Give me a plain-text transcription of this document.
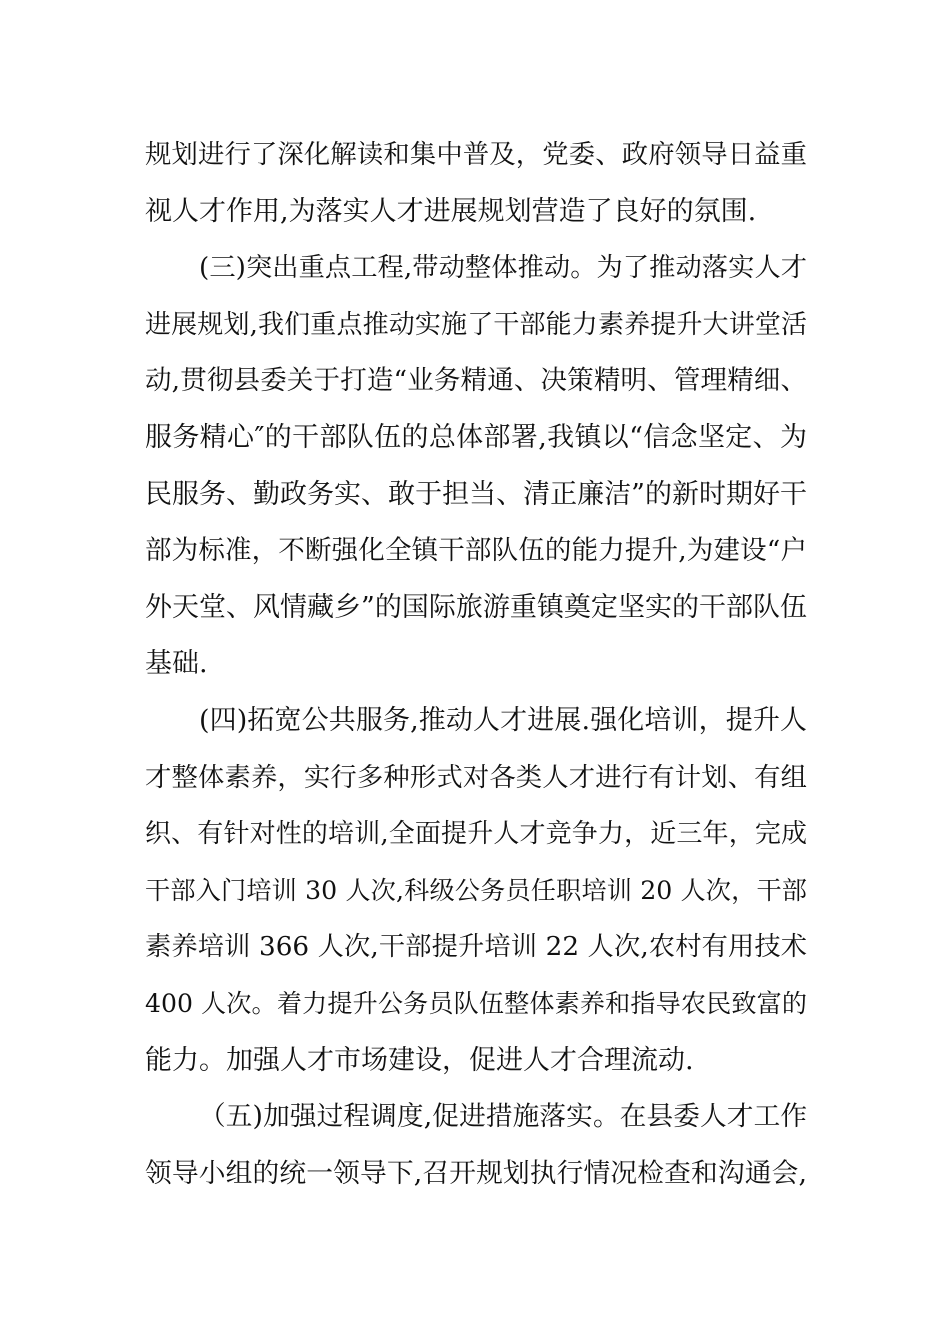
规划进行了深化解读和集中普及，党委、政府领导日益重
视人才作用,为落实人才进展规划营造了良好的氛围.
(三)突出重点工程,带动整体推动。为了推动落实人才
进展规划,我们重点推动实施了干部能力素养提升大讲堂活
动,贯彻县委关于打造“业务精通、决策精明、管理精细、
服务精心″的干部队伍的总体部署,我镇以“信念坚定、为
民服务、勤政务实、敢于担当、清正廉洁”的新时期好干
部为标准，不断强化全镇干部队伍的能力提升,为建设“户
外天堂、风情藏乡”的国际旅游重镇奠定坚实的干部队伍
基础.
(四)拓宽公共服务,推动人才进展.强化培训，提升人
才整体素养，实行多种形式对各类人才进行有计划、有组
织、有针对性的培训,全面提升人才竞争力，近三年，完成
干部入门培训 30 人次,科级公务员任职培训 20 人次，干部
素养培训 366 人次,干部提升培训 22 人次,农村有用技术
400 人次。着力提升公务员队伍整体素养和指导农民致富的
能力。加强人才市场建设，促进人才合理流动.
（五)加强过程调度,促进措施落实。在县委人才工作
领导小组的统一领导下,召开规划执行情况检查和沟通会,
